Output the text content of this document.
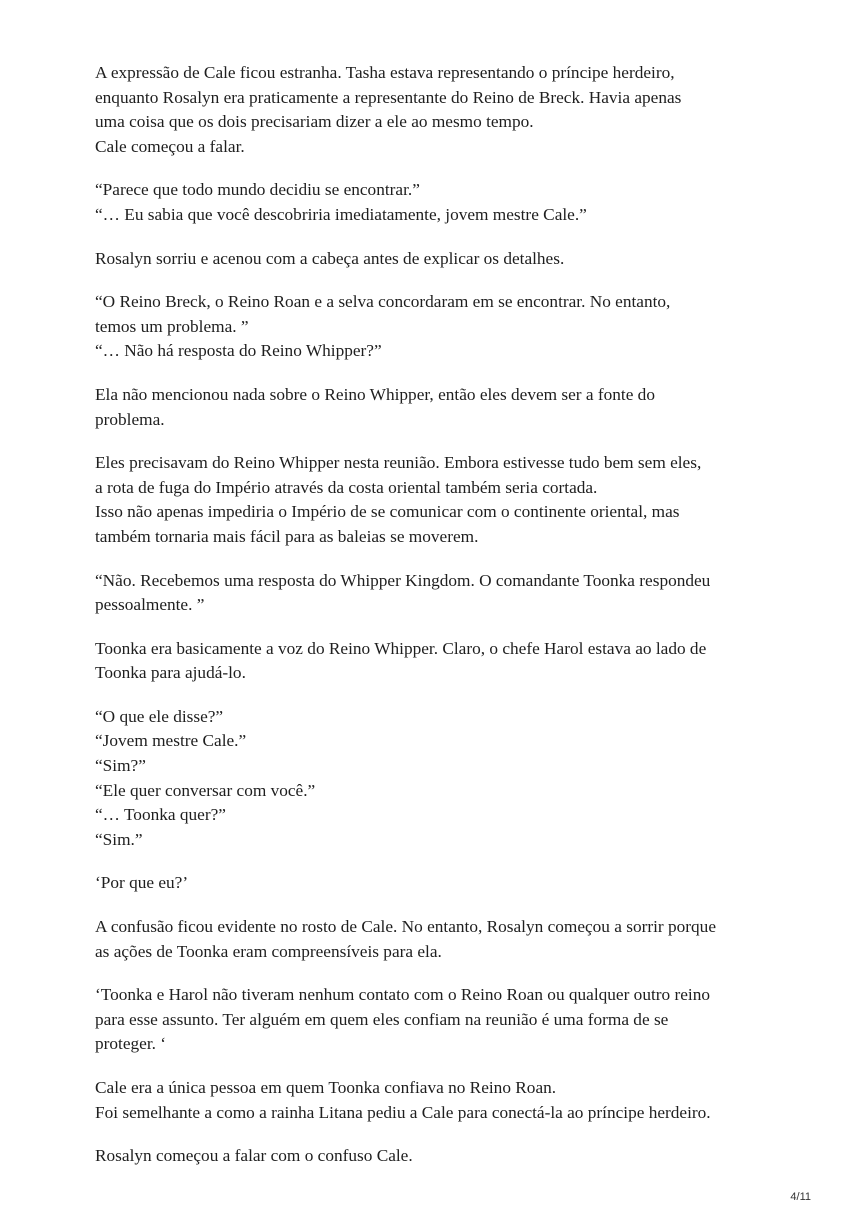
A expressão de Cale ficou estranha. Tasha estava representando o príncipe herdeiro,
enquanto Rosalyn era praticamente a representante do Reino de Breck. Havia apenas
uma coisa que os dois precisariam dizer a ele ao mesmo tempo.
Cale começou a falar.
“Parece que todo mundo decidiu se encontrar.”
“… Eu sabia que você descobriria imediatamente, jovem mestre Cale.”
Rosalyn sorriu e acenou com a cabeça antes de explicar os detalhes.
“O Reino Breck, o Reino Roan e a selva concordaram em se encontrar. No entanto,
temos um problema. ”
“… Não há resposta do Reino Whipper?”
Ela não mencionou nada sobre o Reino Whipper, então eles devem ser a fonte do
problema.
Eles precisavam do Reino Whipper nesta reunião. Embora estivesse tudo bem sem eles,
a rota de fuga do Império através da costa oriental também seria cortada.
Isso não apenas impediria o Império de se comunicar com o continente oriental, mas
também tornaria mais fácil para as baleias se moverem.
“Não. Recebemos uma resposta do Whipper Kingdom. O comandante Toonka respondeu
pessoalmente. ”
Toonka era basicamente a voz do Reino Whipper. Claro, o chefe Harol estava ao lado de
Toonka para ajudá-lo.
“O que ele disse?”
“Jovem mestre Cale.”
“Sim?”
“Ele quer conversar com você.”
“… Toonka quer?”
“Sim.”
‘Por que eu?’
A confusão ficou evidente no rosto de Cale. No entanto, Rosalyn começou a sorrir porque
as ações de Toonka eram compreensíveis para ela.
‘Toonka e Harol não tiveram nenhum contato com o Reino Roan ou qualquer outro reino
para esse assunto. Ter alguém em quem eles confiam na reunião é uma forma de se
proteger. ‘
Cale era a única pessoa em quem Toonka confiava no Reino Roan.
Foi semelhante a como a rainha Litana pediu a Cale para conectá-la ao príncipe herdeiro.
Rosalyn começou a falar com o confuso Cale.
4/11
